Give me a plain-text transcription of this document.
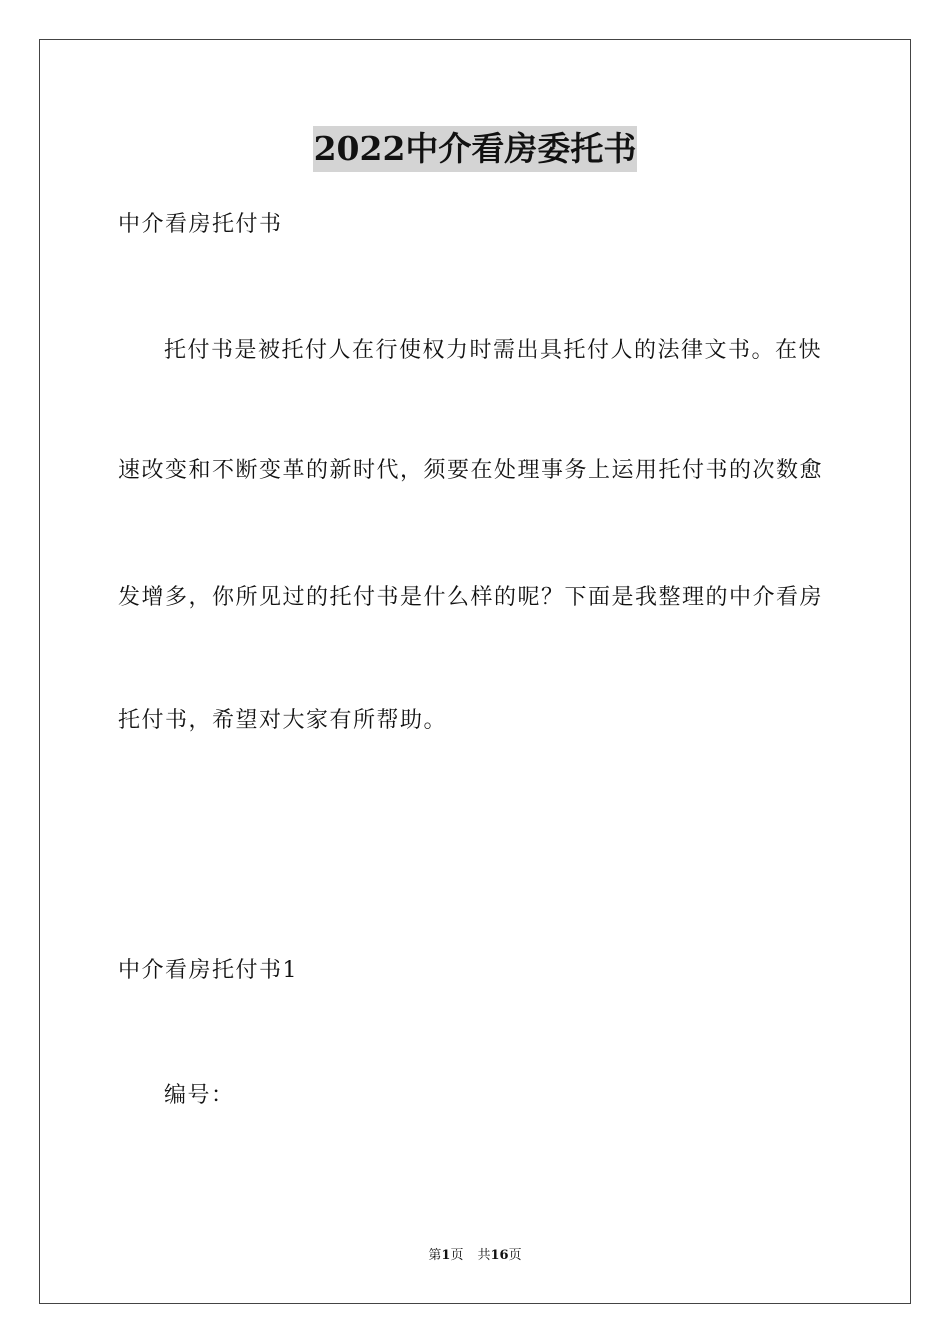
2022中介看房委托书
中介看房托付书
托付书是被托付人在行使权力时需出具托付人的法律文书。在快
速改变和不断变革的新时代，须要在处理事务上运用托付书的次数愈
发增多，你所见过的托付书是什么样的呢？下面是我整理的中介看房
托付书，希望对大家有所帮助。
中介看房托付书1
编号：
第1页 共16页
